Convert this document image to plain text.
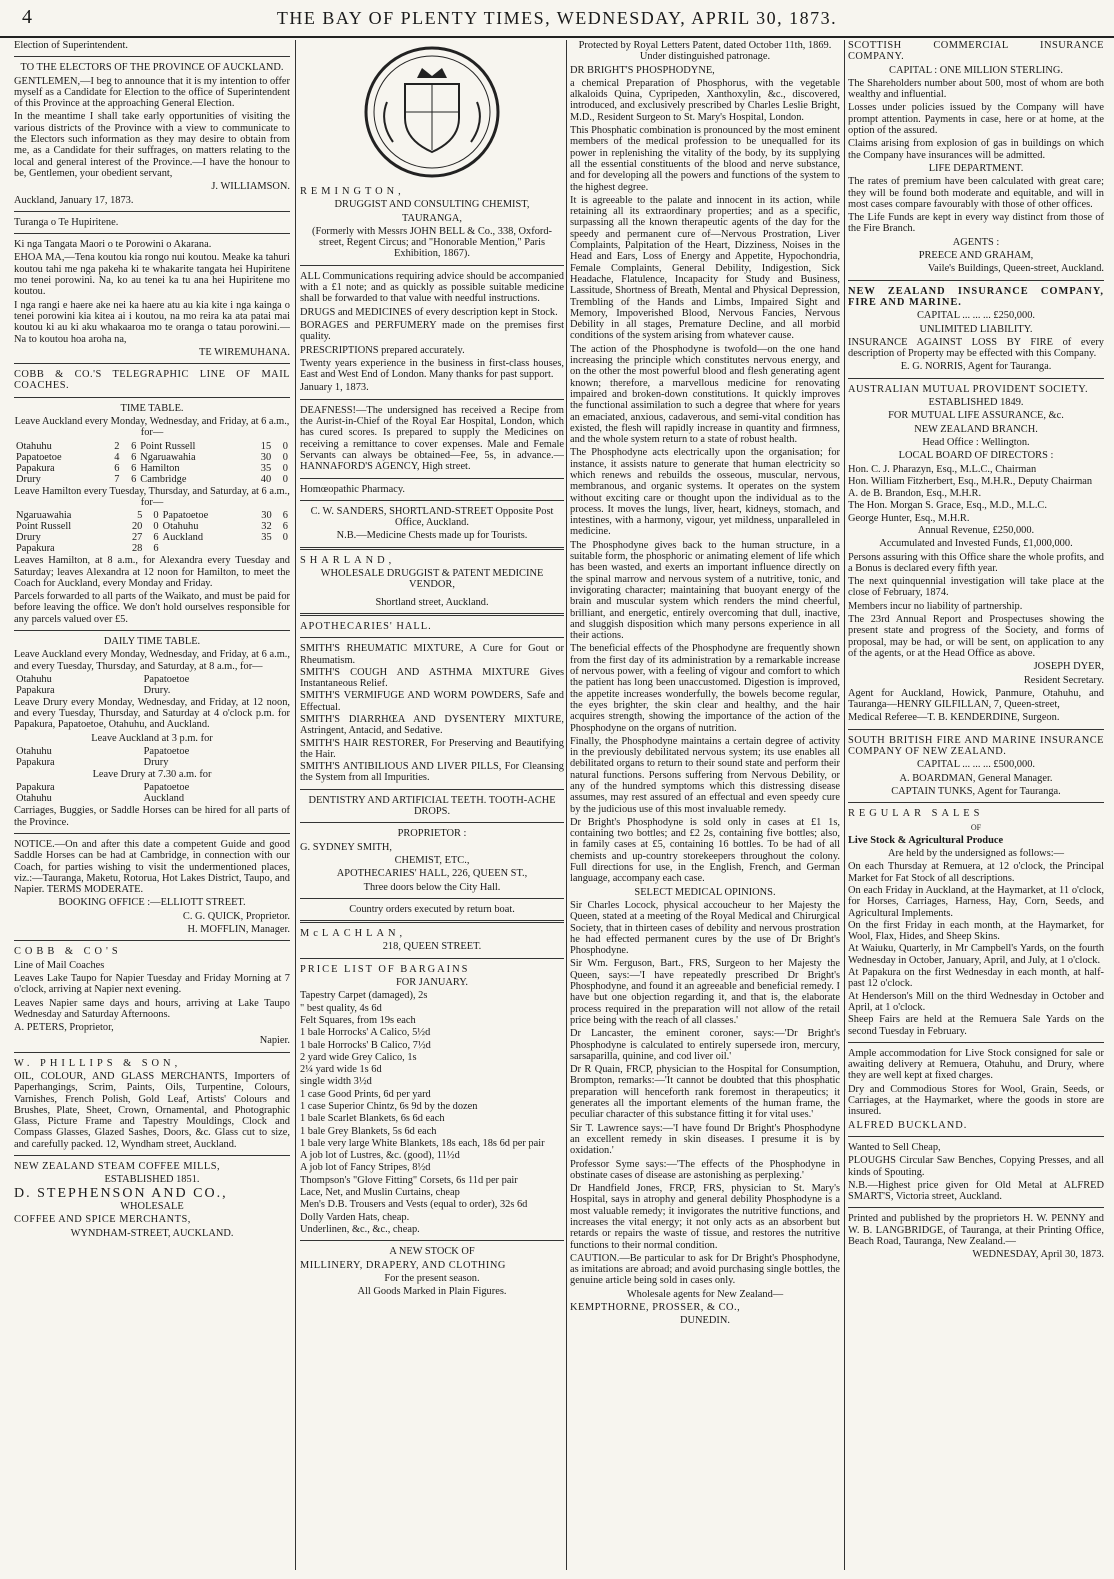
4	THE BAY OF PLENTY TIMES, WEDNESDAY, APRIL 30, 1873.

Election of Superintendent.

TO THE ELECTORS OF THE PROVINCE OF AUCKLAND.

GENTLEMEN,—I beg to announce that it is my intention to offer myself as a Candidate for Election to the office of Superintendent of this Province at the approaching General Election.

In the meantime I shall take early opportunities of visiting the various districts of the Province with a view to communicate to the Electors such information as they may desire to obtain from me, as a Candidate for their suffrages, on matters relating to the local and general interest of the Province.—I have the honour to be, Gentlemen, your obedient servant,

J. WILLIAMSON.

Auckland, January 17, 1873.

Turanga o Te Hupiritene.

Ki nga Tangata Maori o te Porowini o Akarana.

EHOA MA,—Tena koutou kia rongo nui koutou. Meake ka tahuri koutou tahi me nga pakeha ki te whakarite tangata hei Hupiritene mo tenei porowini. Na, ko au tenei ka tu ana hei Hupiritene mo koutou.

I nga rangi e haere ake nei ka haere atu au kia kite i nga kainga o tenei porowini kia kitea ai i koutou, na mo reira ka ata patai mai koutou ki au ki aku whakaaroa mo te oranga o tatau porowini.—Na to koutou hoa aroha na,

TE WIREMUHANA.

COBB & CO.'S TELEGRAPHIC LINE OF MAIL COACHES.

TIME TABLE.

Leave Auckland every Monday, Wednesday, and Friday, at 6 a.m., for—

Otahuhu	2	6	Point Russell	15	0
Papatoetoe	4	6	Ngaruawahia	30	0
Papakura	6	6	Hamilton	35	0
Drury	7	6	Cambridge	40	0

Leave Hamilton every Tuesday, Thursday, and Saturday, at 6 a.m., for—

Ngaruawahia	5	0	Papatoetoe	30	6
Point Russell	20	0	Otahuhu	32	6
Drury	27	6	Auckland	35	0
Papakura	28	6			

Leaves Hamilton, at 8 a.m., for Alexandra every Tuesday and Saturday; leaves Alexandra at 12 noon for Hamilton, to meet the Coach for Auckland, every Monday and Friday.

Parcels forwarded to all parts of the Waikato, and must be paid for before leaving the office. We don't hold ourselves responsible for any parcels valued over £5.

DAILY TIME TABLE.

Leave Auckland every Monday, Wednesday, and Friday, at 6 a.m., and every Tuesday, Thursday, and Saturday, at 8 a.m., for—

Otahuhu	Papatoetoe
Papakura	Drury.

Leave Drury every Monday, Wednesday, and Friday, at 12 noon, and every Tuesday, Thursday, and Saturday at 4 o'clock p.m. for Papakura, Papatoetoe, Otahuhu, and Auckland.

Leave Auckland at 3 p.m. for

Otahuhu	Papatoetoe
Papakura	Drury

Leave Drury at 7.30 a.m. for

Papakura	Papatoetoe
Otahuhu	Auckland

Carriages, Buggies, or Saddle Horses can be hired for all parts of the Province.

NOTICE.—On and after this date a competent Guide and good Saddle Horses can be had at Cambridge, in connection with our Coach, for parties wishing to visit the undermentioned places, viz.:—Tauranga, Maketu, Rotorua, Hot Lakes District, Taupo, and Napier. TERMS MODERATE.

BOOKING OFFICE :—ELLIOTT STREET.

C. G. QUICK, Proprietor.

H. MOFFLIN, Manager.

COBB & CO'S

Line of Mail Coaches

Leaves Lake Taupo for Napier Tuesday and Friday Morning at 7 o'clock, arriving at Napier next evening.

Leaves Napier same days and hours, arriving at Lake Taupo Wednesday and Saturday Afternoons.

A. PETERS, Proprietor,

Napier.

W. PHILLIPS & SON,

OIL, COLOUR, AND GLASS MERCHANTS, Importers of Paperhangings, Scrim, Paints, Oils, Turpentine, Colours, Varnishes, French Polish, Gold Leaf, Artists' Colours and Brushes, Plate, Sheet, Crown, Ornamental, and Photographic Glass, Picture Frame and Tapestry Mouldings, Clock and Compass Glasses, Glazed Sashes, Doors, &c. Glass cut to size, and carefully packed. 12, Wyndham street, Auckland.

NEW ZEALAND STEAM COFFEE MILLS,

ESTABLISHED 1851.

D. STEPHENSON AND CO.,

WHOLESALE

COFFEE AND SPICE MERCHANTS,

WYNDHAM-STREET, AUCKLAND.

REMINGTON,

DRUGGIST AND CONSULTING CHEMIST,

TAURANGA,

(Formerly with Messrs JOHN BELL & Co., 338, Oxford-street, Regent Circus; and "Honorable Mention," Paris Exhibition, 1867).

ALL Communications requiring advice should be accompanied with a £1 note; and as quickly as possible suitable medicine shall be forwarded to that value with needful instructions.

DRUGS and MEDICINES of every description kept in Stock.

BORAGES and PERFUMERY made on the premises first quality.

PRESCRIPTIONS prepared accurately.

Twenty years experience in the business in first-class houses, East and West End of London. Many thanks for past support.

January 1, 1873.

DEAFNESS!—The undersigned has received a Recipe from the Aurist-in-Chief of the Royal Ear Hospital, London, which has cured scores. Is prepared to supply the Medicines on receiving a remittance to cover expenses. Male and Female Servants can always be obtained—Fee, 5s, in advance.—HANNAFORD'S AGENCY, High street.

Homœopathic Pharmacy.

C. W. SANDERS, SHORTLAND-STREET Opposite Post Office, Auckland.

N.B.—Medicine Chests made up for Tourists.

SHARLAND,

WHOLESALE DRUGGIST & PATENT MEDICINE VENDOR,

Shortland street, Auckland.

APOTHECARIES' HALL.

SMITH'S RHEUMATIC MIXTURE, A Cure for Gout or Rheumatism.
SMITH'S COUGH AND ASTHMA MIXTURE Gives Instantaneous Relief.
SMITH'S VERMIFUGE AND WORM POWDERS, Safe and Effectual.
SMITH'S DIARRHŒA AND DYSENTERY MIXTURE, Astringent, Antacid, and Sedative.
SMITH'S HAIR RESTORER, For Preserving and Beautifying the Hair.
SMITH'S ANTIBILIOUS AND LIVER PILLS, For Cleansing the System from all Impurities.

DENTISTRY AND ARTIFICIAL TEETH. TOOTH-ACHE DROPS.

PROPRIETOR :

G. SYDNEY SMITH,

CHEMIST, ETC.,

APOTHECARIES' HALL, 226, QUEEN ST.,

Three doors below the City Hall.

Country orders executed by return boat.

McLACHLAN,

218, QUEEN STREET.

PRICE LIST OF BARGAINS

FOR JANUARY.

Tapestry Carpet (damaged), 2s
" best quality, 4s 6d
Felt Squares, from 19s each
1 bale Horrocks' A Calico, 5½d
1 bale Horrocks' B Calico, 7½d
2 yard wide Grey Calico, 1s
2¼ yard wide 1s 6d
single width 3½d
1 case Good Prints, 6d per yard
1 case Superior Chintz, 6s 9d by the dozen
1 bale Scarlet Blankets, 6s 6d each
1 bale Grey Blankets, 5s 6d each
1 bale very large White Blankets, 18s each, 18s 6d per pair
A job lot of Lustres, &c. (good), 11½d
A job lot of Fancy Stripes, 8½d
Thompson's "Glove Fitting" Corsets, 6s 11d per pair
Lace, Net, and Muslin Curtains, cheap
Men's D.B. Trousers and Vests (equal to order), 32s 6d
Dolly Varden Hats, cheap.
Underlinen, &c., &c., cheap.

A NEW STOCK OF

MILLINERY, DRAPERY, AND CLOTHING

For the present season.

All Goods Marked in Plain Figures.

Protected by Royal Letters Patent, dated October 11th, 1869. Under distinguished patronage.

DR BRIGHT'S PHOSPHODYNE,

a chemical Preparation of Phosphorus, with the vegetable alkaloids Quina, Cypripeden, Xanthoxylin, &c., discovered, introduced, and exclusively prescribed by Charles Leslie Bright, M.D., Resident Surgeon to St. Mary's Hospital, London.

This Phosphatic combination is pronounced by the most eminent members of the medical profession to be unequalled for its power in replenishing the vitality of the body, by its supplying all the essential constituents of the blood and nerve substance, and for developing all the powers and functions of the system to the highest degree.

It is agreeable to the palate and innocent in its action, while retaining all its extraordinary properties; and as a specific, surpassing all the known therapeutic agents of the day for the speedy and permanent cure of—Nervous Prostration, Liver Complaints, Palpitation of the Heart, Dizziness, Noises in the Head and Ears, Loss of Energy and Appetite, Hypochondria, Female Complaints, General Debility, Indigestion, Sick Headache, Flatulence, Incapacity for Study and Business, Lassitude, Shortness of Breath, Mental and Physical Depression, Trembling of the Hands and Limbs, Impaired Sight and Memory, Impoverished Blood, Nervous Fancies, Nervous Debility in all stages, Premature Decline, and all morbid conditions of the system arising from whatever cause.

The action of the Phosphodyne is twofold—on the one hand increasing the principle which constitutes nervous energy, and on the other the most powerful blood and flesh generating agent known; therefore, a marvellous medicine for renovating impaired and broken-down constitutions. It quickly improves the functional assimilation to such a degree that where for years an emaciated, anxious, cadaverous, and semi-vital condition has existed, the flesh will rapidly increase in quantity and firmness, and the whole system return to a state of robust health.

The Phosphodyne acts electrically upon the organisation; for instance, it assists nature to generate that human electricity so which renews and rebuilds the osseous, muscular, nervous, membranous, and organic systems. It operates on the system without exciting care or thought upon the individual as to the process. It moves the lungs, liver, heart, kidneys, stomach, and intestines, with a harmony, vigour, yet mildness, unparalleled in medicine.

The Phosphodyne gives back to the human structure, in a suitable form, the phosphoric or animating element of life which has been wasted, and exerts an important influence directly on the spinal marrow and nervous system of a nutritive, tonic, and invigorating character; maintaining that buoyant energy of the brain and muscular system which renders the mind cheerful, brilliant, and energetic, entirely overcoming that dull, inactive, and sluggish disposition which many persons experience in all their actions.

The beneficial effects of the Phosphodyne are frequently shown from the first day of its administration by a remarkable increase of nervous power, with a feeling of vigour and comfort to which the patient has long been unaccustomed. Digestion is improved, the appetite increases wonderfully, the bowels become regular, the eyes brighter, the skin clear and healthy, and the hair acquires strength, showing the importance of the action of the Phosphodyne on the organs of nutrition.

Finally, the Phosphodyne maintains a certain degree of activity in the previously debilitated nervous system; its use enables all debilitated organs to return to their sound state and perform their natural functions. Persons suffering from Nervous Debility, or any of the hundred symptoms which this distressing disease assumes, may rest assured of an effectual and even speedy cure by the judicious use of this most invaluable remedy.

Dr Bright's Phosphodyne is sold only in cases at £1 1s, containing two bottles; and £2 2s, containing five bottles; also, in family cases at £5, containing 16 bottles. To be had of all chemists and up-country storekeepers throughout the colony. Full directions for use, in the English, French, and German language, accompany each case.

SELECT MEDICAL OPINIONS.

Sir Charles Locock, physical accoucheur to her Majesty the Queen, stated at a meeting of the Royal Medical and Chirurgical Society, that in thirteen cases of debility and nervous prostration he had effected permanent cures by the use of Dr Bright's Phosphodyne.

Sir Wm. Ferguson, Bart., FRS, Surgeon to her Majesty the Queen, says:—'I have repeatedly prescribed Dr Bright's Phosphodyne, and found it an agreeable and beneficial remedy. I have but one objection regarding it, and that is, the elaborate process required in the preparation will not allow of the retail price being with the reach of all classes.'

Dr Lancaster, the eminent coroner, says:—'Dr Bright's Phosphodyne is calculated to entirely supersede iron, mercury, sarsaparilla, quinine, and cod liver oil.'

Dr R Quain, FRCP, physician to the Hospital for Consumption, Brompton, remarks:—'It cannot be doubted that this phosphatic preparation will henceforth rank foremost in therapeutics; it generates all the important elements of the human frame, the peculiar character of this substance fitting it for vital uses.'

Sir T. Lawrence says:—'I have found Dr Bright's Phosphodyne an excellent remedy in skin diseases. I presume it is by oxidation.'

Professor Syme says:—'The effects of the Phosphodyne in obstinate cases of disease are astonishing as perplexing.'

Dr Handfield Jones, FRCP, FRS, physician to St. Mary's Hospital, says in atrophy and general debility Phosphodyne is a most valuable remedy; it invigorates the nutritive functions, and increases the vital energy; it not only acts as an absorbent but retards or repairs the waste of tissue, and restores the nutritive functions to their normal condition.

CAUTION.—Be particular to ask for Dr Bright's Phosphodyne, as imitations are abroad; and avoid purchasing single bottles, the genuine article being sold in cases only.

Wholesale agents for New Zealand—

KEMPTHORNE, PROSSER, & CO.,

DUNEDIN.

SCOTTISH COMMERCIAL INSURANCE COMPANY.

CAPITAL : ONE MILLION STERLING.

The Shareholders number about 500, most of whom are both wealthy and influential.

Losses under policies issued by the Company will have prompt attention. Payments in case, here or at home, at the option of the assured.

Claims arising from explosion of gas in buildings on which the Company have insurances will be admitted.

LIFE DEPARTMENT.

The rates of premium have been calculated with great care; they will be found both moderate and equitable, and will in most cases compare favourably with those of other offices.

The Life Funds are kept in every way distinct from those of the Fire Branch.

AGENTS :

PREECE AND GRAHAM,

Vaile's Buildings, Queen-street, Auckland.

NEW ZEALAND INSURANCE COMPANY, FIRE AND MARINE.

CAPITAL ... ... ... £250,000.

UNLIMITED LIABILITY.

INSURANCE AGAINST LOSS BY FIRE of every description of Property may be effected with this Company.

E. G. NORRIS, Agent for Tauranga.

AUSTRALIAN MUTUAL PROVIDENT SOCIETY.

ESTABLISHED 1849.

FOR MUTUAL LIFE ASSURANCE, &c.

NEW ZEALAND BRANCH.

Head Office : Wellington.

LOCAL BOARD OF DIRECTORS :

Hon. C. J. Pharazyn, Esq., M.L.C., Chairman
Hon. William Fitzherbert, Esq., M.H.R., Deputy Chairman
A. de B. Brandon, Esq., M.H.R.
The Hon. Morgan S. Grace, Esq., M.D., M.L.C.
George Hunter, Esq., M.H.R.

Annual Revenue, £250,000.

Accumulated and Invested Funds, £1,000,000.

Persons assuring with this Office share the whole profits, and a Bonus is declared every fifth year.

The next quinquennial investigation will take place at the close of February, 1874.

Members incur no liability of partnership.

The 23rd Annual Report and Prospectuses showing the present state and progress of the Society, and forms of proposal, may be had, or will be sent, on application to any of the agents, or at the Head Office as above.

JOSEPH DYER,

Resident Secretary.

Agent for Auckland, Howick, Panmure, Otahuhu, and Tauranga—HENRY GILFILLAN, 7, Queen-street,

Medical Referee—T. B. KENDERDINE, Surgeon.

SOUTH BRITISH FIRE AND MARINE INSURANCE COMPANY OF NEW ZEALAND.

CAPITAL ... ... ... £500,000.

A. BOARDMAN, General Manager.

CAPTAIN TUNKS, Agent for Tauranga.

REGULAR SALES

OF

Live Stock & Agricultural Produce

Are held by the undersigned as follows:—

On each Thursday at Remuera, at 12 o'clock, the Principal Market for Fat Stock of all descriptions.
On each Friday in Auckland, at the Haymarket, at 11 o'clock, for Horses, Carriages, Harness, Hay, Corn, Seeds, and Agricultural Implements.
On the first Friday in each month, at the Haymarket, for Wool, Flax, Hides, and Sheep Skins.
At Waiuku, Quarterly, in Mr Campbell's Yards, on the fourth Wednesday in October, January, April, and July, at 1 o'clock.
At Papakura on the first Wednesday in each month, at half-past 12 o'clock.
At Henderson's Mill on the third Wednesday in October and April, at 1 o'clock.
Sheep Fairs are held at the Remuera Sale Yards on the second Tuesday in February.

Ample accommodation for Live Stock consigned for sale or awaiting delivery at Remuera, Otahuhu, and Drury, where they are well kept at fixed charges.

Dry and Commodious Stores for Wool, Grain, Seeds, or Carriages, at the Haymarket, where the goods in store are insured.

ALFRED BUCKLAND.

Wanted to Sell Cheap,

PLOUGHS Circular Saw Benches, Copying Presses, and all kinds of Spouting.

N.B.—Highest price given for Old Metal at ALFRED SMART'S, Victoria street, Auckland.

Printed and published by the proprietors H. W. PENNY and W. B. LANGBRIDGE, of Tauranga, at their Printing Office, Beach Road, Tauranga, New Zealand.—

WEDNESDAY, April 30, 1873.
